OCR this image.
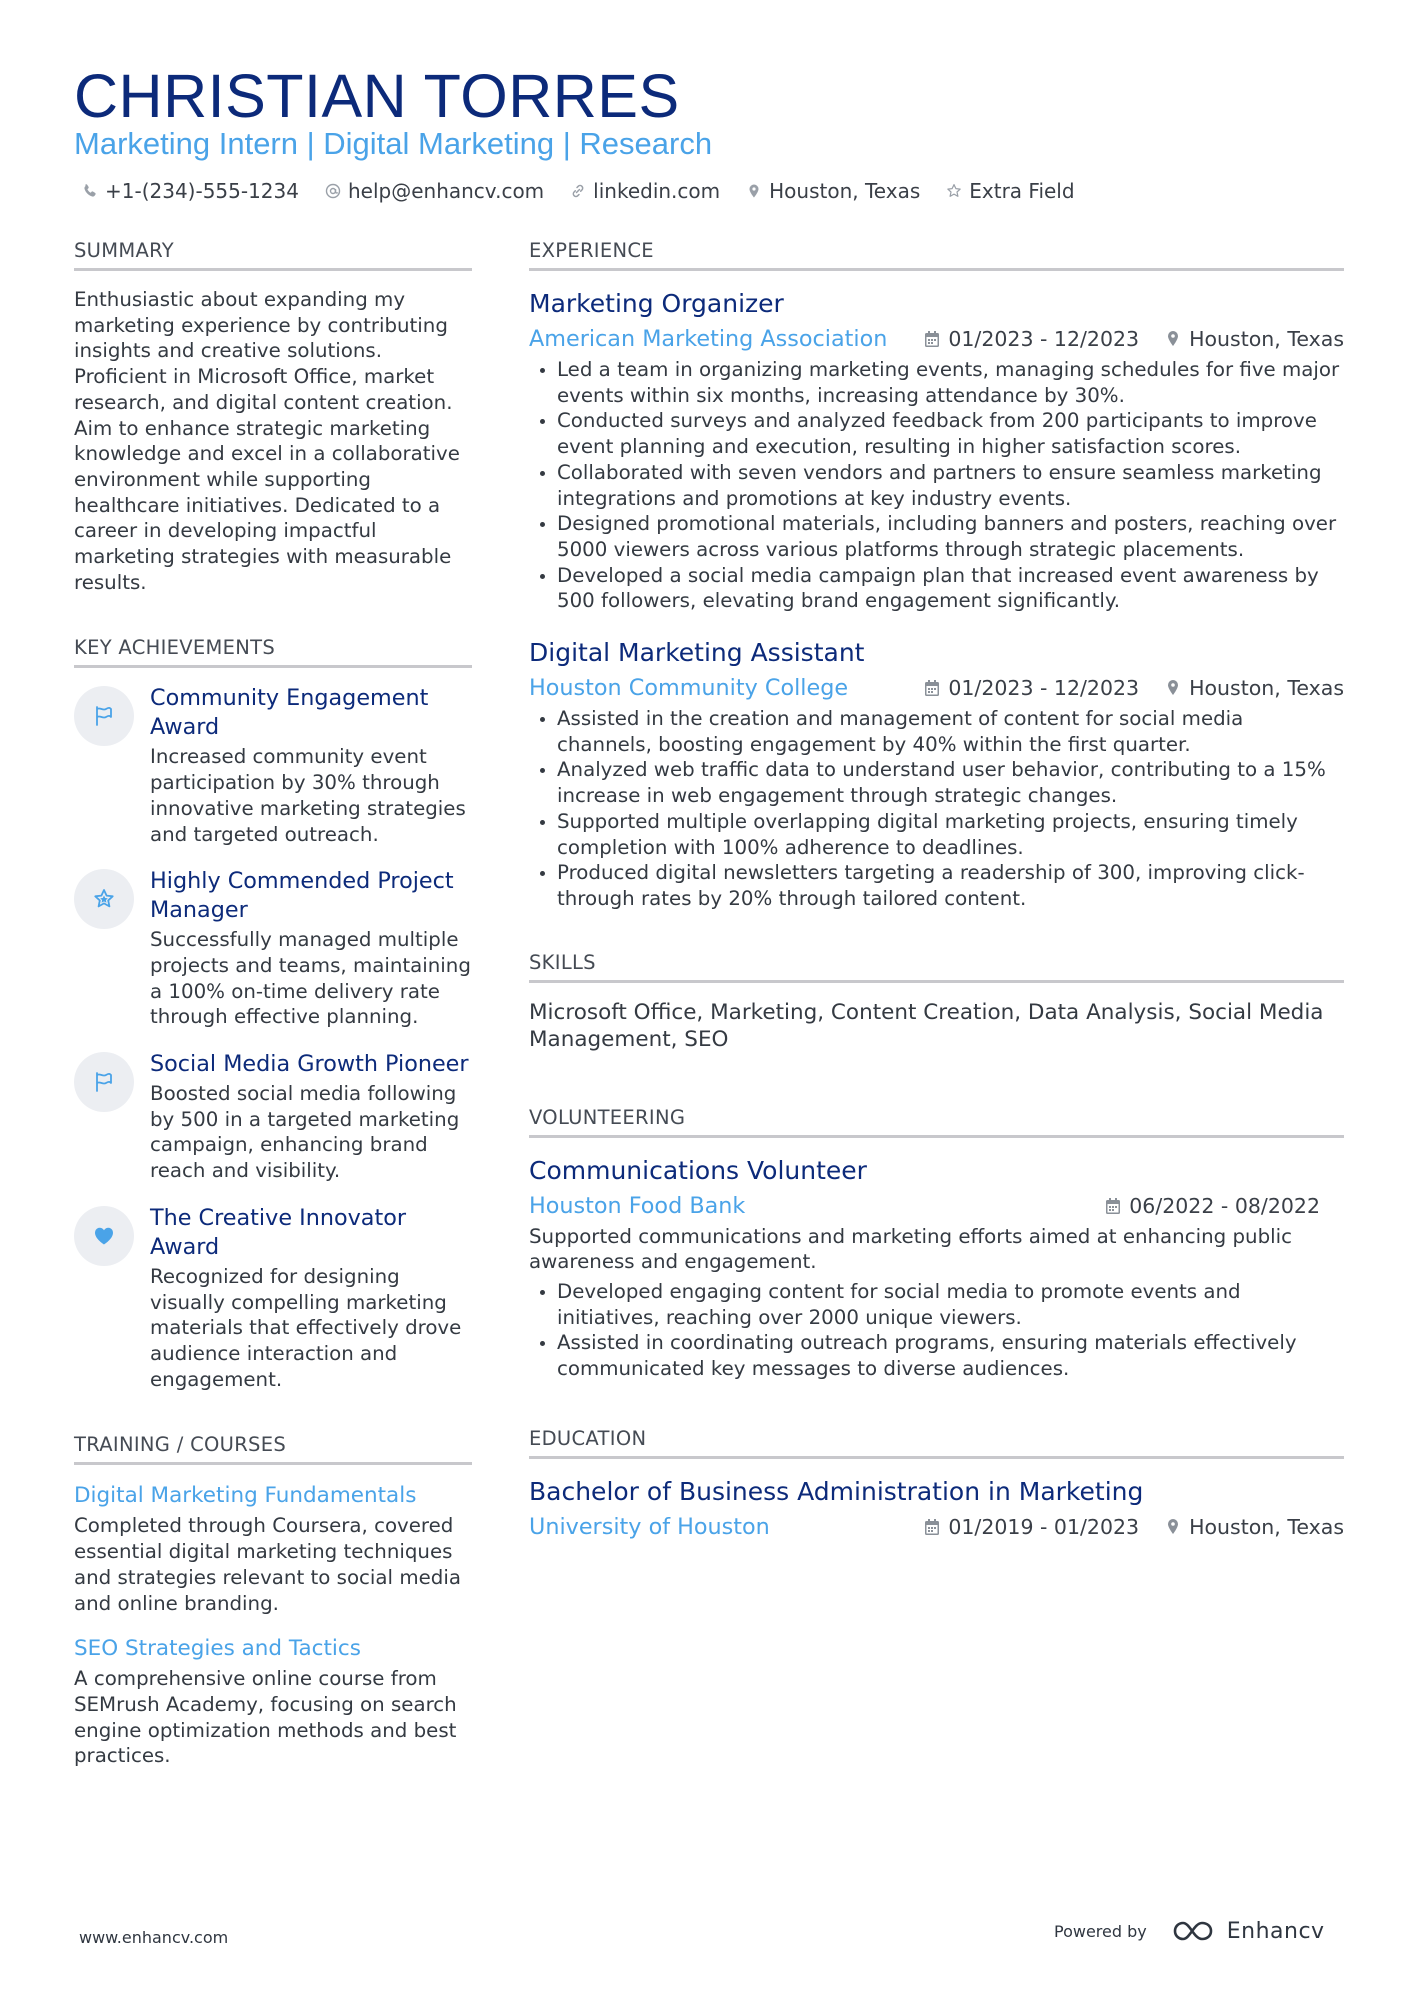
CHRISTIAN TORRES
Marketing Intern | Digital Marketing | Research
+1-(234)-555-1234 help@enhancv.com linkedin.com Houston, Texas Extra Field
SUMMARY

Enthusiastic about expanding my marketing experience by contributing insights and creative solutions. Proficient in Microsoft Office, market research, and digital content creation. Aim to enhance strategic marketing knowledge and excel in a collaborative environment while supporting healthcare initiatives. Dedicated to a career in developing impactful marketing strategies with measurable results.

KEY ACHIEVEMENTS
Community Engagement Award

Increased community event participation by 30% through innovative marketing strategies and targeted outreach.

Highly Commended Project Manager

Successfully managed multiple projects and teams, maintaining a 100% on-time delivery rate through effective planning.

Social Media Growth Pioneer

Boosted social media following by 500 in a targeted marketing campaign, enhancing brand reach and visibility.

The Creative Innovator Award

Recognized for designing visually compelling marketing materials that effectively drove audience interaction and engagement.

TRAINING / COURSES
Digital Marketing Fundamentals

Completed through Coursera, covered essential digital marketing techniques and strategies relevant to social media and online branding.

SEO Strategies and Tactics

A comprehensive online course from SEMrush Academy, focusing on search engine optimization methods and best practices.

EXPERIENCE
Marketing Organizer
American Marketing Association	01/2023 - 12/2023 Houston, Texas
Led a team in organizing marketing events, managing schedules for five major events within six months, increasing attendance by 30%.
Conducted surveys and analyzed feedback from 200 participants to improve event planning and execution, resulting in higher satisfaction scores.
Collaborated with seven vendors and partners to ensure seamless marketing integrations and promotions at key industry events.
Designed promotional materials, including banners and posters, reaching over 5000 viewers across various platforms through strategic placements.
Developed a social media campaign plan that increased event awareness by 500 followers, elevating brand engagement significantly.
Digital Marketing Assistant
Houston Community College	01/2023 - 12/2023 Houston, Texas
Assisted in the creation and management of content for social media channels, boosting engagement by 40% within the first quarter.
Analyzed web traffic data to understand user behavior, contributing to a 15% increase in web engagement through strategic changes.
Supported multiple overlapping digital marketing projects, ensuring timely completion with 100% adherence to deadlines.
Produced digital newsletters targeting a readership of 300, improving click-through rates by 20% through tailored content.
SKILLS

Microsoft Office, Marketing, Content Creation, Data Analysis, Social Media Management, SEO

VOLUNTEERING
Communications Volunteer
Houston Food Bank	06/2022 - 08/2022

Supported communications and marketing efforts aimed at enhancing public awareness and engagement.

Developed engaging content for social media to promote events and initiatives, reaching over 2000 unique viewers.
Assisted in coordinating outreach programs, ensuring materials effectively communicated key messages to diverse audiences.
EDUCATION
Bachelor of Business Administration in Marketing
University of Houston	01/2019 - 01/2023 Houston, Texas
www.enhancv.com	Powered by	Enhancv
